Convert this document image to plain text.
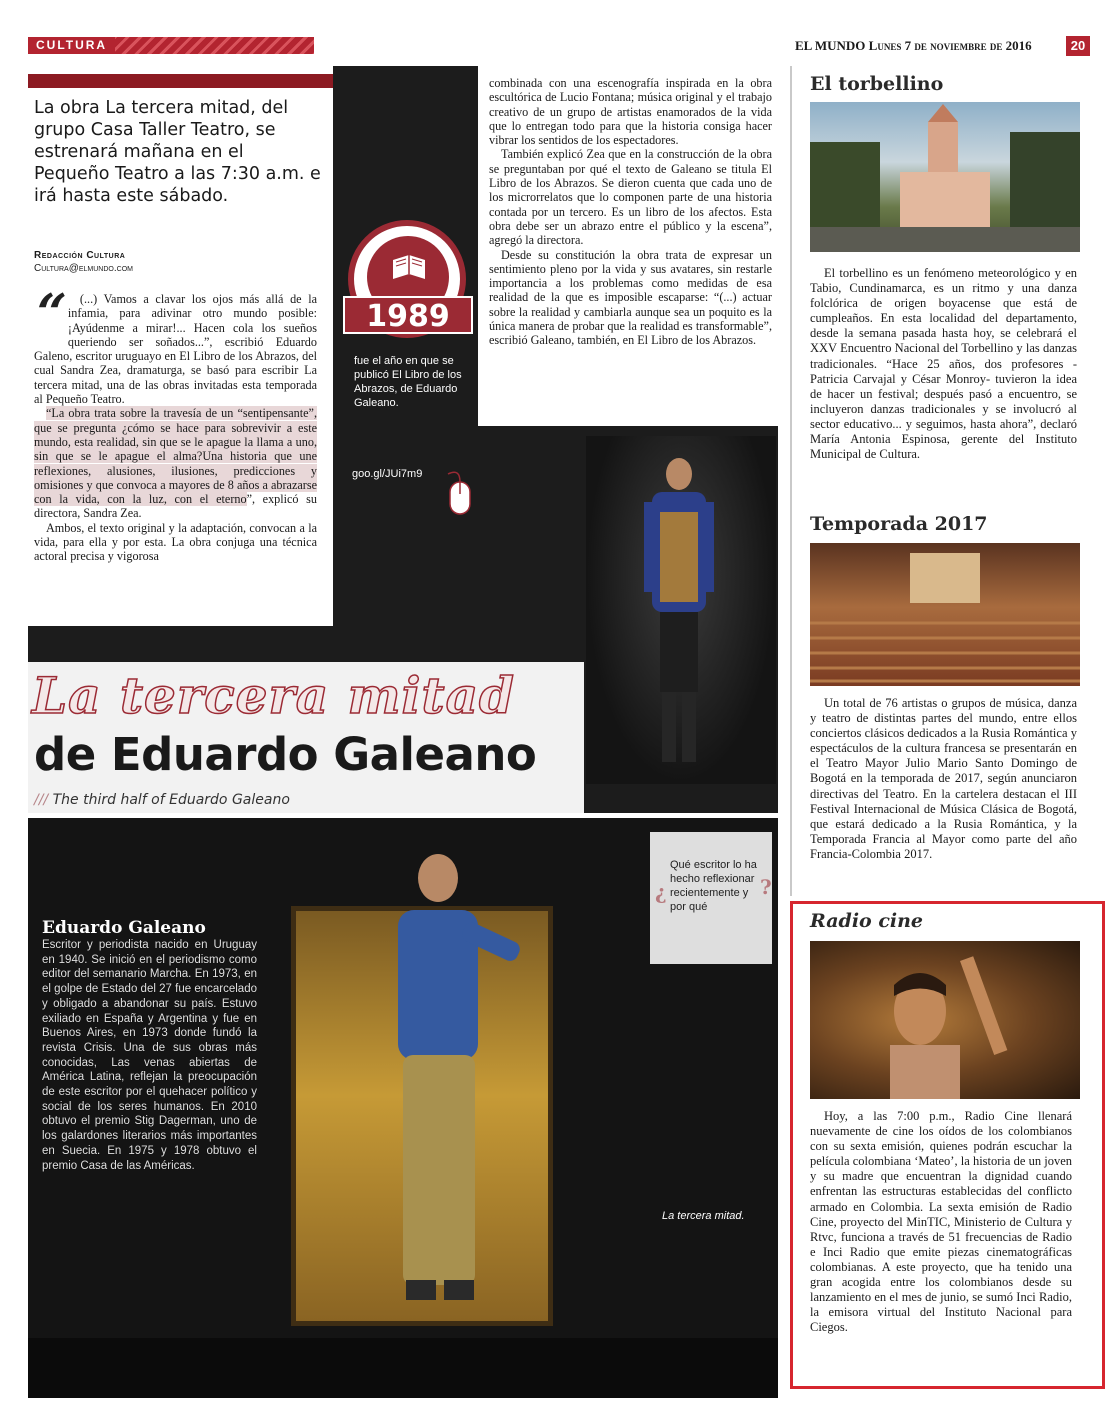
CULTURA	EL MUNDO Lunes 7 de noviembre de 2016	20
La obra La tercera mitad, del grupo Casa Taller Teatro, se estrenará mañana en el Pequeño Teatro a las 7:30 a.m. e irá hasta este sábado.
Redacción Cultura
Cultura@elmundo.com
“ (...) Vamos a clavar los ojos más allá de la infamia, para adivinar otro mundo posible: ¡Ayúdenme a mirar!... Hacen cola los sueños queriendo ser soñados...”, escribió Eduardo Galeno, escritor uruguayo en El Libro de los Abrazos, del cual Sandra Zea, dramaturga, se basó para escribir La tercera mitad, una de las obras invitadas esta temporada al Pequeño Teatro.

“La obra trata sobre la travesía de un “sentipensante”, que se pregunta ¿cómo se hace para sobrevivir a este mundo, esta realidad, sin que se le apague la llama a uno, sin que se le apague el alma?Una historia que une reflexiones, alusiones, ilusiones, predicciones y omisiones y que convoca a mayores de 8 años a abrazarse con la vida, con la luz, con el eterno”, explicó su directora, Sandra Zea.

Ambos, el texto original y la adaptación, convocan a la vida, para ella y por esta. La obra conjuga una técnica actoral precisa y vigorosa

combinada con una escenografía inspirada en la obra escultórica de Lucio Fontana; música original y el trabajo creativo de un grupo de artistas enamorados de la vida que lo entregan todo para que la historia consiga hacer vibrar los sentidos de los espectadores.

También explicó Zea que en la construcción de la obra se preguntaban por qué el texto de Galeano se titula El Libro de los Abrazos. Se dieron cuenta que cada uno de los microrrelatos que lo componen parte de una historia contada por un tercero. Es un libro de los afectos. Esta obra debe ser un abrazo entre el público y la escena”, agregó la directora.

Desde su constitución la obra trata de expresar un sentimiento pleno por la vida y sus avatares, sin restarle importancia a los problemas como medidas de esa realidad de la que es imposible escaparse: “(...) actuar sobre la realidad y cambiarla aunque sea un poquito es la única manera de probar que la realidad es transformable”, escribió Galeano, también, en El Libro de los Abrazos.

1989
fue el año en que se publicó El Libro de los Abrazos, de Eduardo Galeano.
goo.gl/JUi7m9
La tercera mitad
de Eduardo Galeano
/// The third half of Eduardo Galeano
Eduardo Galeano
Escritor y periodista nacido en Uruguay en 1940. Se inició en el periodismo como editor del semanario Marcha. En 1973, en el golpe de Estado del 27 fue encarcelado y obligado a abandonar su país. Estuvo exiliado en España y Argentina y fue en Buenos Aires, en 1973 donde fundó la revista Crisis. Una de sus obras más conocidas, Las venas abiertas de América Latina, reflejan la preocupación de este escritor por el quehacer político y social de los seres humanos. En 2010 obtuvo el premio Stig Dagerman, uno de los galardones literarios más importantes en Suecia. En 1975 y 1978 obtuvo el premio Casa de las Américas.
La tercera mitad.
¿
Qué escritor lo ha hecho reflexionar recientemente y por qué
?
El torbellino

El torbellino es un fenómeno meteorológico y en Tabio, Cundinamarca, es un ritmo y una danza folclórica de origen boyacense que está de cumpleaños. En esta localidad del departamento, desde la semana pasada hasta hoy, se celebrará el XXV Encuentro Nacional del Torbellino y las danzas tradicionales. “Hace 25 años, dos profesores -Patricia Carvajal y César Monroy- tuvieron la idea de hacer un festival; después pasó a encuentro, se incluyeron danzas tradicionales y se involucró al sector educativo... y seguimos, hasta ahora”, declaró María Antonia Espinosa, gerente del Instituto Municipal de Cultura.

Temporada 2017

Un total de 76 artistas o grupos de música, danza y teatro de distintas partes del mundo, entre ellos conciertos clásicos dedicados a la Rusia Romántica y espectáculos de la cultura francesa se presentarán en el Teatro Mayor Julio Mario Santo Domingo de Bogotá en la temporada de 2017, según anunciaron directivas del Teatro. En la cartelera destacan el III Festival Internacional de Música Clásica de Bogotá, que estará dedicado a la Rusia Romántica, y la Temporada Francia al Mayor como parte del año Francia-Colombia 2017.

Radio cine

Hoy, a las 7:00 p.m., Radio Cine llenará nuevamente de cine los oídos de los colombianos con su sexta emisión, quienes podrán escuchar la película colombiana ‘Mateo’, la historia de un joven y su madre que encuentran la dignidad cuando enfrentan las estructuras establecidas del conflicto armado en Colombia. La sexta emisión de Radio Cine, proyecto del MinTIC, Ministerio de Cultura y Rtvc, funciona a través de 51 frecuencias de Radio e Inci Radio que emite piezas cinematográficas colombianas. A este proyecto, que ha tenido una gran acogida entre los colombianos desde su lanzamiento en el mes de junio, se sumó Inci Radio, la emisora virtual del Instituto Nacional para Ciegos.
